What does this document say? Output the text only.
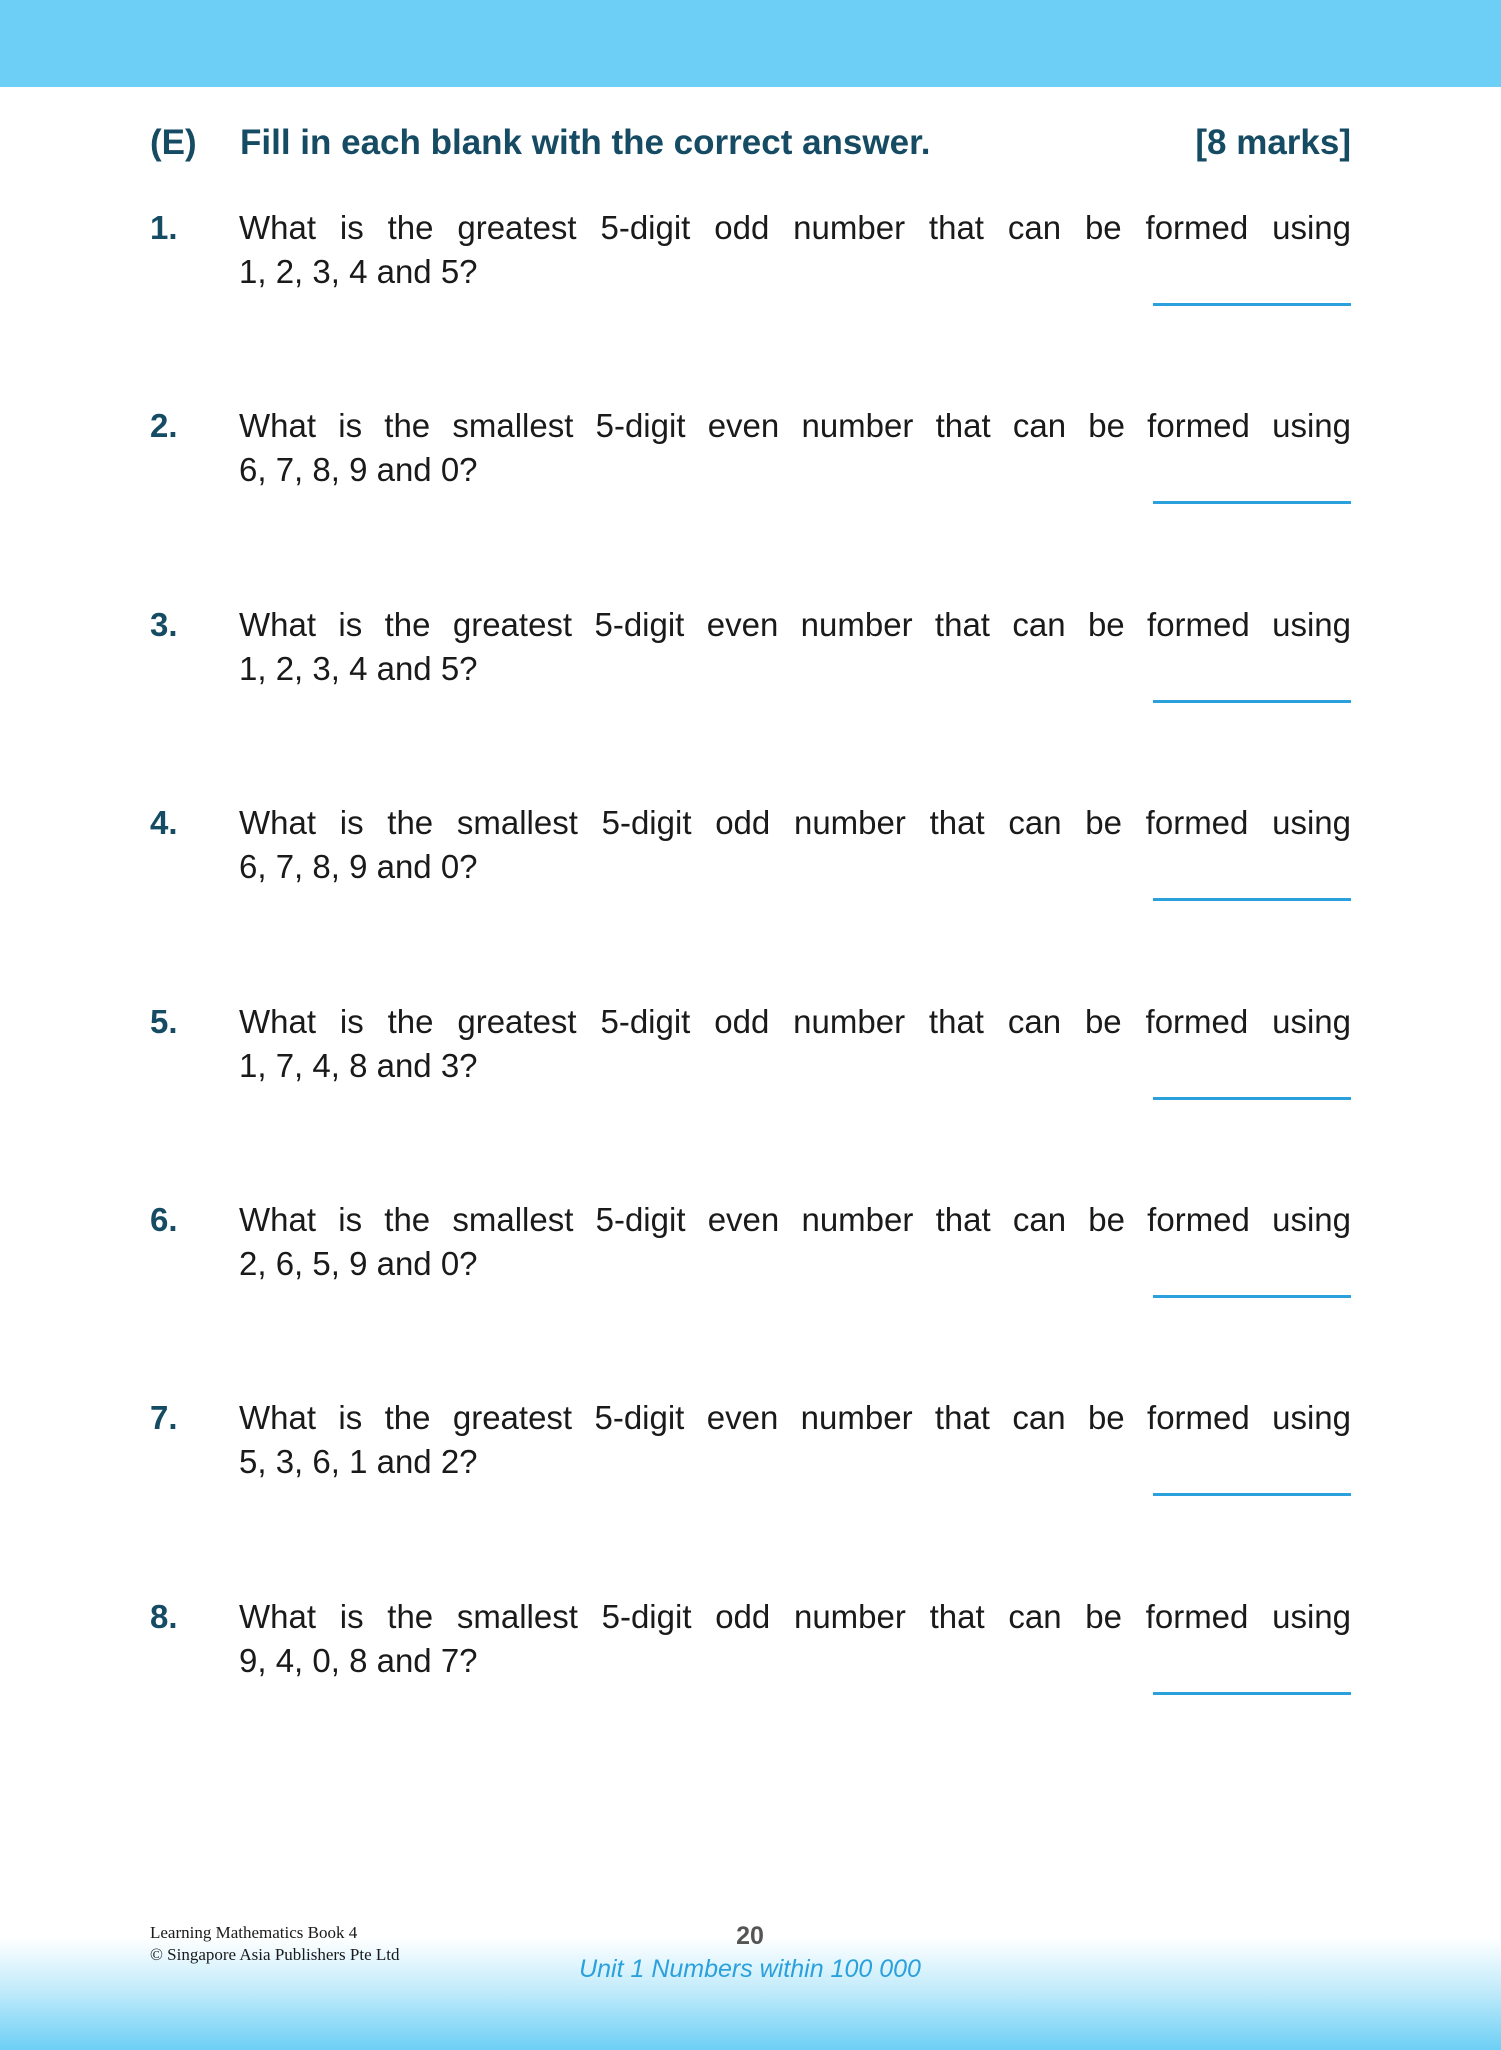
(E) Fill in each blank with the correct answer.	[8 marks]
1. What is the greatest 5-digit odd number that can be formed using
1, 2, 3, 4 and 5?
2. What is the smallest 5-digit even number that can be formed using
6, 7, 8, 9 and 0?
3. What is the greatest 5-digit even number that can be formed using
1, 2, 3, 4 and 5?
4. What is the smallest 5-digit odd number that can be formed using
6, 7, 8, 9 and 0?
5. What is the greatest 5-digit odd number that can be formed using
1, 7, 4, 8 and 3?
6. What is the smallest 5-digit even number that can be formed using
2, 6, 5, 9 and 0?
7. What is the greatest 5-digit even number that can be formed using
5, 3, 6, 1 and 2?
8. What is the smallest 5-digit odd number that can be formed using
9, 4, 0, 8 and 7?
Learning Mathematics Book 4
© Singapore Asia Publishers Pte Ltd
20
Unit 1 Numbers within 100 000
